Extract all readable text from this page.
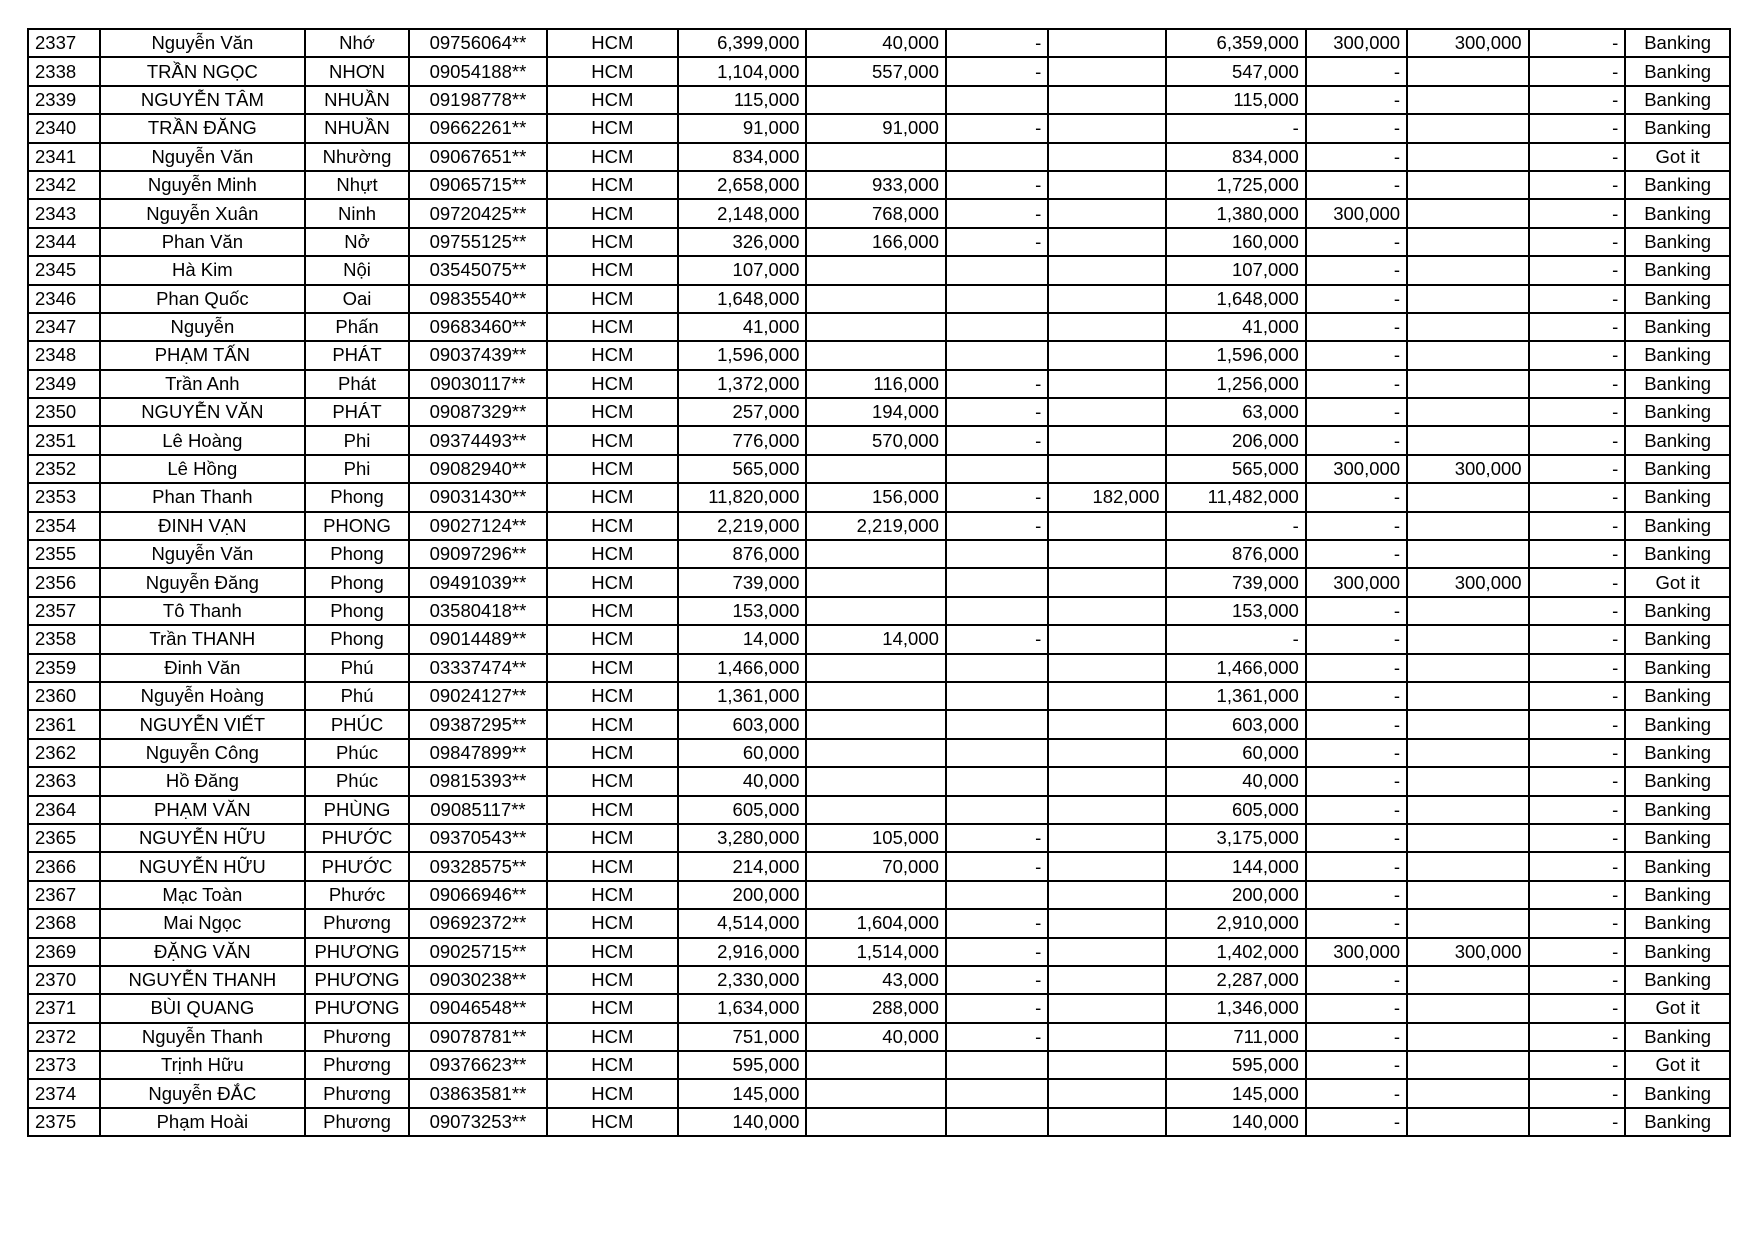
2337	Nguyễn Văn	Nhớ	09756064**	HCM	6,399,000	40,000	-		6,359,000	300,000	300,000	-	Banking
2338	TRẦN NGỌC	NHƠN	09054188**	HCM	1,104,000	557,000	-		547,000	-		-	Banking
2339	NGUYỄN TÂM	NHUẦN	09198778**	HCM	115,000				115,000	-		-	Banking
2340	TRẦN ĐĂNG	NHUẦN	09662261**	HCM	91,000	91,000	-		-	-		-	Banking
2341	Nguyễn Văn	Nhường	09067651**	HCM	834,000				834,000	-		-	Got it
2342	Nguyễn Minh	Nhựt	09065715**	HCM	2,658,000	933,000	-		1,725,000	-		-	Banking
2343	Nguyễn Xuân	Ninh	09720425**	HCM	2,148,000	768,000	-		1,380,000	300,000		-	Banking
2344	Phan Văn	Nở	09755125**	HCM	326,000	166,000	-		160,000	-		-	Banking
2345	Hà Kim	Nội	03545075**	HCM	107,000				107,000	-		-	Banking
2346	Phan Quốc	Oai	09835540**	HCM	1,648,000				1,648,000	-		-	Banking
2347	Nguyễn	Phấn	09683460**	HCM	41,000				41,000	-		-	Banking
2348	PHẠM TẤN	PHÁT	09037439**	HCM	1,596,000				1,596,000	-		-	Banking
2349	Trần Anh	Phát	09030117**	HCM	1,372,000	116,000	-		1,256,000	-		-	Banking
2350	NGUYỄN VĂN	PHÁT	09087329**	HCM	257,000	194,000	-		63,000	-		-	Banking
2351	Lê Hoàng	Phi	09374493**	HCM	776,000	570,000	-		206,000	-		-	Banking
2352	Lê Hồng	Phi	09082940**	HCM	565,000				565,000	300,000	300,000	-	Banking
2353	Phan Thanh	Phong	09031430**	HCM	11,820,000	156,000	-	182,000	11,482,000	-		-	Banking
2354	ĐINH VẠN	PHONG	09027124**	HCM	2,219,000	2,219,000	-		-	-		-	Banking
2355	Nguyễn Văn	Phong	09097296**	HCM	876,000				876,000	-		-	Banking
2356	Nguyễn Đăng	Phong	09491039**	HCM	739,000				739,000	300,000	300,000	-	Got it
2357	Tô Thanh	Phong	03580418**	HCM	153,000				153,000	-		-	Banking
2358	Trần THANH	Phong	09014489**	HCM	14,000	14,000	-		-	-		-	Banking
2359	Đinh Văn	Phú	03337474**	HCM	1,466,000				1,466,000	-		-	Banking
2360	Nguyễn Hoàng	Phú	09024127**	HCM	1,361,000				1,361,000	-		-	Banking
2361	NGUYỄN VIẾT	PHÚC	09387295**	HCM	603,000				603,000	-		-	Banking
2362	Nguyễn Công	Phúc	09847899**	HCM	60,000				60,000	-		-	Banking
2363	Hồ Đăng	Phúc	09815393**	HCM	40,000				40,000	-		-	Banking
2364	PHẠM VĂN	PHÙNG	09085117**	HCM	605,000				605,000	-		-	Banking
2365	NGUYỄN HỮU	PHƯỚC	09370543**	HCM	3,280,000	105,000	-		3,175,000	-		-	Banking
2366	NGUYỄN HỮU	PHƯỚC	09328575**	HCM	214,000	70,000	-		144,000	-		-	Banking
2367	Mạc Toàn	Phước	09066946**	HCM	200,000				200,000	-		-	Banking
2368	Mai Ngọc	Phương	09692372**	HCM	4,514,000	1,604,000	-		2,910,000	-		-	Banking
2369	ĐẶNG VĂN	PHƯƠNG	09025715**	HCM	2,916,000	1,514,000	-		1,402,000	300,000	300,000	-	Banking
2370	NGUYỄN THANH	PHƯƠNG	09030238**	HCM	2,330,000	43,000	-		2,287,000	-		-	Banking
2371	BÙI QUANG	PHƯƠNG	09046548**	HCM	1,634,000	288,000	-		1,346,000	-		-	Got it
2372	Nguyễn Thanh	Phương	09078781**	HCM	751,000	40,000	-		711,000	-		-	Banking
2373	Trịnh Hữu	Phương	09376623**	HCM	595,000				595,000	-		-	Got it
2374	Nguyễn ĐẮC	Phương	03863581**	HCM	145,000				145,000	-		-	Banking
2375	Phạm Hoài	Phương	09073253**	HCM	140,000				140,000	-		-	Banking
